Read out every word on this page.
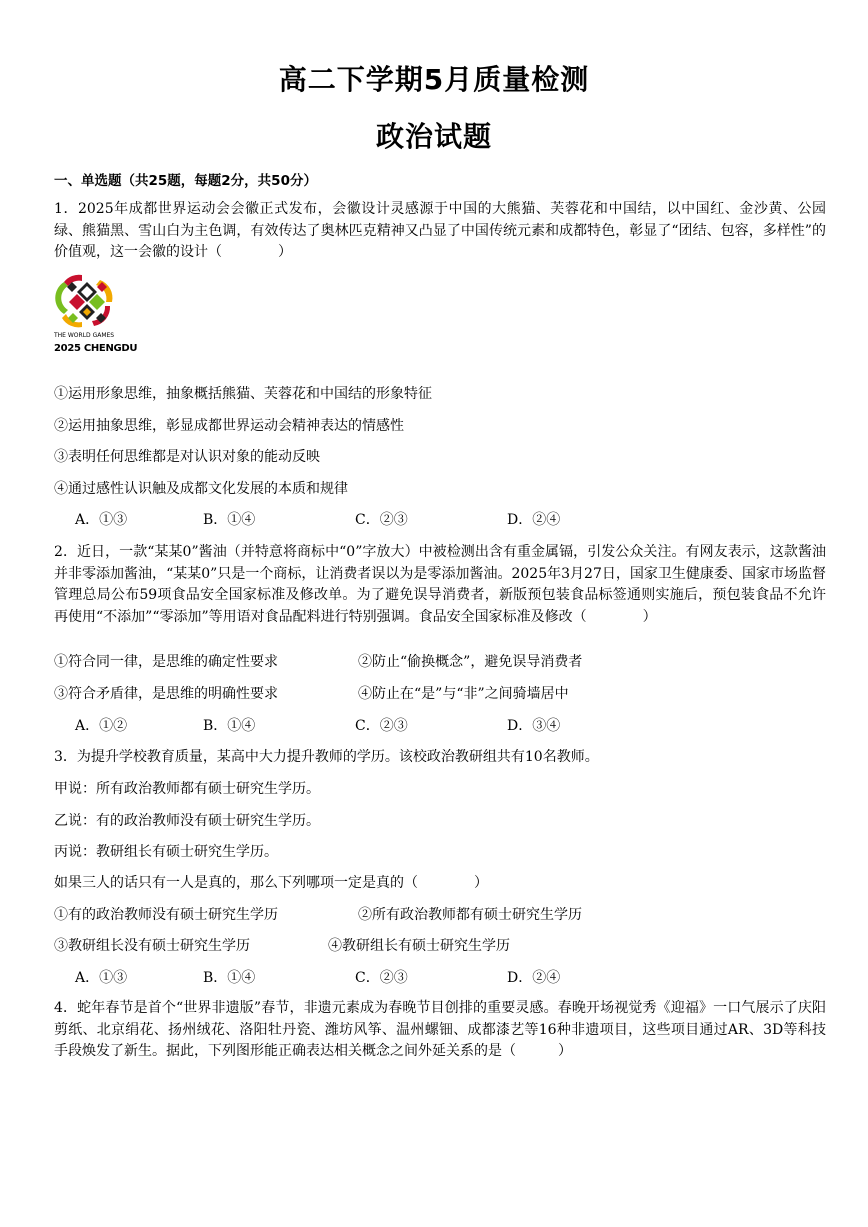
高二下学期5月质量检测
政治试题
一、单选题（共25题，每题2分，共50分）
1．2025年成都世界运动会会徽正式发布，会徽设计灵感源于中国的大熊猫、芙蓉花和中国结，以中国红、金沙黄、公园绿、熊猫黑、雪山白为主色调，有效传达了奥林匹克精神又凸显了中国传统元素和成都特色，彰显了“团结、包容，多样性”的价值观，这一会徽的设计（　　　　）
THE WORLD GAMES
2025 CHENGDU
①运用形象思维，抽象概括熊猫、芙蓉花和中国结的形象特征
②运用抽象思维，彰显成都世界运动会精神表达的情感性
③表明任何思维都是对认识对象的能动反映
④通过感性认识触及成都文化发展的本质和规律
A．①③	B．①④	C．②③	D．②④
2．近日，一款“某某0”酱油（并特意将商标中“0”字放大）中被检测出含有重金属镉，引发公众关注。有网友表示，这款酱油并非零添加酱油，“某某0”只是一个商标，让消费者误以为是零添加酱油。2025年3月27日，国家卫生健康委、国家市场监督管理总局公布59项食品安全国家标准及修改单。为了避免误导消费者，新版预包装食品标签通则实施后，预包装食品不允许再使用“不添加”“零添加”等用语对食品配料进行特别强调。食品安全国家标准及修改（　　　　）
①符合同一律，是思维的确定性要求	②防止“偷换概念”，避免误导消费者
③符合矛盾律，是思维的明确性要求	④防止在“是”与“非”之间骑墙居中
A．①②	B．①④	C．②③	D．③④
3．为提升学校教育质量，某高中大力提升教师的学历。该校政治教研组共有10名教师。
甲说：所有政治教师都有硕士研究生学历。
乙说：有的政治教师没有硕士研究生学历。
丙说：教研组长有硕士研究生学历。
如果三人的话只有一人是真的，那么下列哪项一定是真的（　　　　）
①有的政治教师没有硕士研究生学历	②所有政治教师都有硕士研究生学历
③教研组长没有硕士研究生学历	④教研组长有硕士研究生学历
A．①③	B．①④	C．②③	D．②④
4．蛇年春节是首个“世界非遗版”春节，非遗元素成为春晚节目创排的重要灵感。春晚开场视觉秀《迎福》一口气展示了庆阳剪纸、北京绢花、扬州绒花、洛阳牡丹瓷、潍坊风筝、温州螺钿、成都漆艺等16种非遗项目，这些项目通过AR、3D等科技手段焕发了新生。据此，下列图形能正确表达相关概念之间外延关系的是（　　　）
